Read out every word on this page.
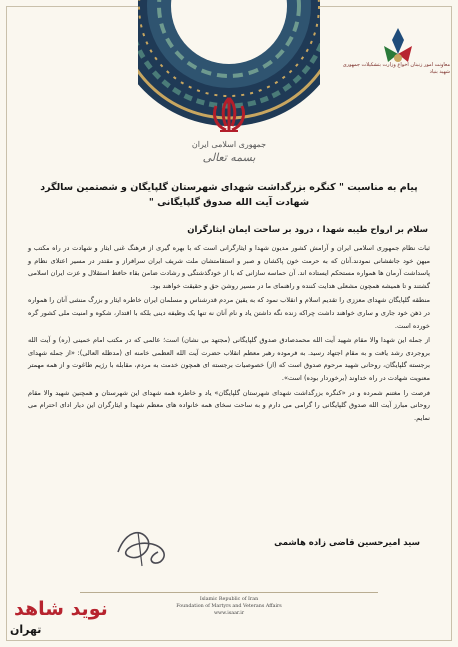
جمهوری اسلامی ایران
بسمه تعالی
معاونت امور زنبنان اخواع وزارت بتشکیلات جمهوری شهید بنیاد
پیام به مناسبت " کنگره بزرگداشت شهدای شهرستان گلپایگان و شصتمین سالگرد شهادت آیت الله صدوق گلپایگانی "
سلام بر ارواح طیبه شهدا ، درود بر ساحت ایمان ایثارگران

ثبات نظام جمهوری اسلامی ایران و آرامش کشور مدیون شهدا و ایثارگرانی است که با بهره گیری از فرهنگ غنی ایثار و شهادت در راه مکتب و میهن خود جانفشانی نمودند.آنان که به حرمت خون پاکشان و صبر و استقامتشان ملت شریف ایران سرافراز و مقتدر در مسیر اعتلای نظام و پاسداشت آرمان ها همواره مستحکم ایستاده اند. آن حماسه سازانی که با از خودگذشتگی و رشادت ضامن بقاء حافظ استقلال و عزت ایران اسلامی گشتند و تا همیشه همچون مشعلی هدایت کننده و راهنمای ما در مسیر روشن حق و حقیقت خواهند بود.

منطقه گلپایگان شهدای معززی را تقدیم اسلام و انقلاب نمود که به یقین مردم قدرشناس و مسلمان ایران خاطره ایثار و بزرگ منشی آنان را همواره در ذهن خود جاری و ساری خواهند داشت چراکه زنده نگه داشتن یاد و نام آنان نه تنها یک وظیفه دینی بلکه با اقتدار، شکوه و امنیت ملی کشور گره خورده است.

از جمله این شهدا والا مقام شهید آیت الله محمدصادق صدوق گلپایگانی (مجتهد بی نشان) است؛ عالمی که در مکتب امام خمینی (ره) و آیت الله بروجردی رشد یافت و به مقام اجتهاد رسید. به فرموده رهبر معظم انقلاب حضرت آیت الله العظمی خامنه ای (مدظله العالی): «از جمله شهدای برجسته گلپایگان، روحانی شهید مرحوم صدوق است که (از) خصوصیات برجسته ای همچون خدمت به مردم، مقابله با رژیم طاغوت و از همه مهمتر معنویت شهادت در راه خداوند (برخوردار بوده) است».

فرصت را مغتنم شمرده و در «کنگره بزرگداشت شهدای شهرستان گلپایگان» یاد و خاطره همه شهدای این شهرستان و همچنین شهید والا مقام روحانی مبارز آیت الله صدوق گلپایگانی را گرامی می دارم و به ساحت سخای همه خانواده های معظم شهدا و ایثارگران این دیار ادای احترام می نمایم.

سید امیرحسین قاضی زاده هاشمی
Islamic Republic of Iran
Foundation of Martyrs and Veterans Affairs
www.isaar.ir
نوید شاهد
تهران
